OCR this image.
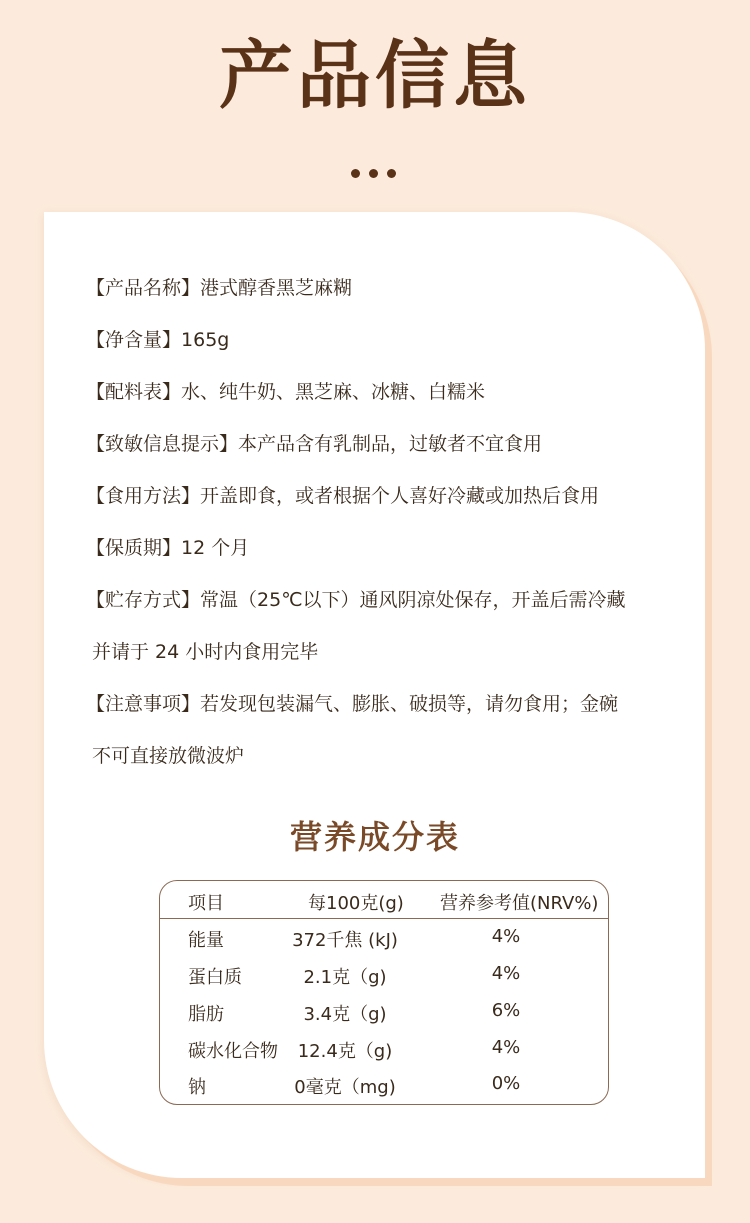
产品信息
【产品名称】港式醇香黑芝麻糊
【净含量】165g
【配料表】水、纯牛奶、黑芝麻、冰糖、白糯米
【致敏信息提示】本产品含有乳制品，过敏者不宜食用
【食用方法】开盖即食，或者根据个人喜好冷藏或加热后食用
【保质期】12 个月
【贮存方式】常温（25℃以下）通风阴凉处保存，开盖后需冷藏
并请于 24 小时内食用完毕
【注意事项】若发现包装漏气、膨胀、破损等，请勿食用；金碗
不可直接放微波炉
营养成分表
项目	每100克(g) 营养参考值(NRV%)
能量	372千焦 (kJ)	4%
蛋白质	2.1克（g)	4%
脂肪	3.4克（g)	6%
碳水化合物	12.4克（g)	4%
钠	0毫克（mg)	0%
